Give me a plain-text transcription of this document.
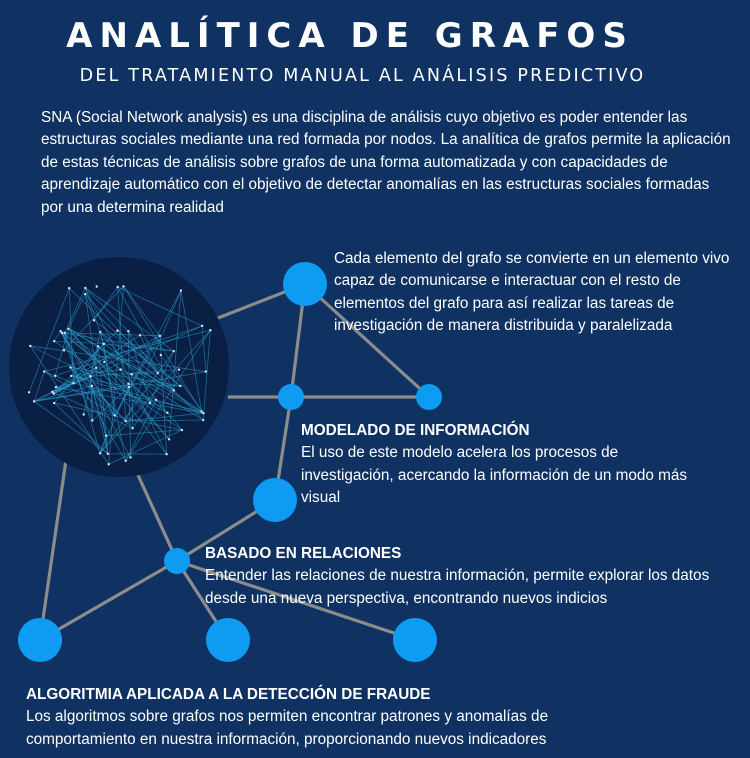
ANALÍTICA DE GRAFOS
DEL TRATAMIENTO MANUAL AL ANÁLISIS PREDICTIVO
SNA (Social Network analysis) es una disciplina de análisis cuyo objetivo es poder entender las estructuras sociales mediante una red formada por nodos. La analítica de grafos permite la aplicación de estas técnicas de análisis sobre grafos de una forma automatizada y con capacidades de aprendizaje automático con el objetivo de detectar anomalías en las estructuras sociales formadas por una determina realidad
Cada elemento del grafo se convierte en un elemento vivo capaz de comunicarse e interactuar con el resto de elementos del grafo para así realizar las tareas de investigación de manera distribuida y paralelizada
MODELADO DE INFORMACIÓN
El uso de este modelo acelera los procesos de investigación, acercando la información de un modo más visual
BASADO EN RELACIONES
Entender las relaciones de nuestra información, permite explorar los datos desde una nueva perspectiva, encontrando nuevos indicios
ALGORITMIA APLICADA A LA DETECCIÓN DE FRAUDE
Los algoritmos sobre grafos nos permiten encontrar patrones y anomalías de comportamiento en nuestra información, proporcionando nuevos indicadores
